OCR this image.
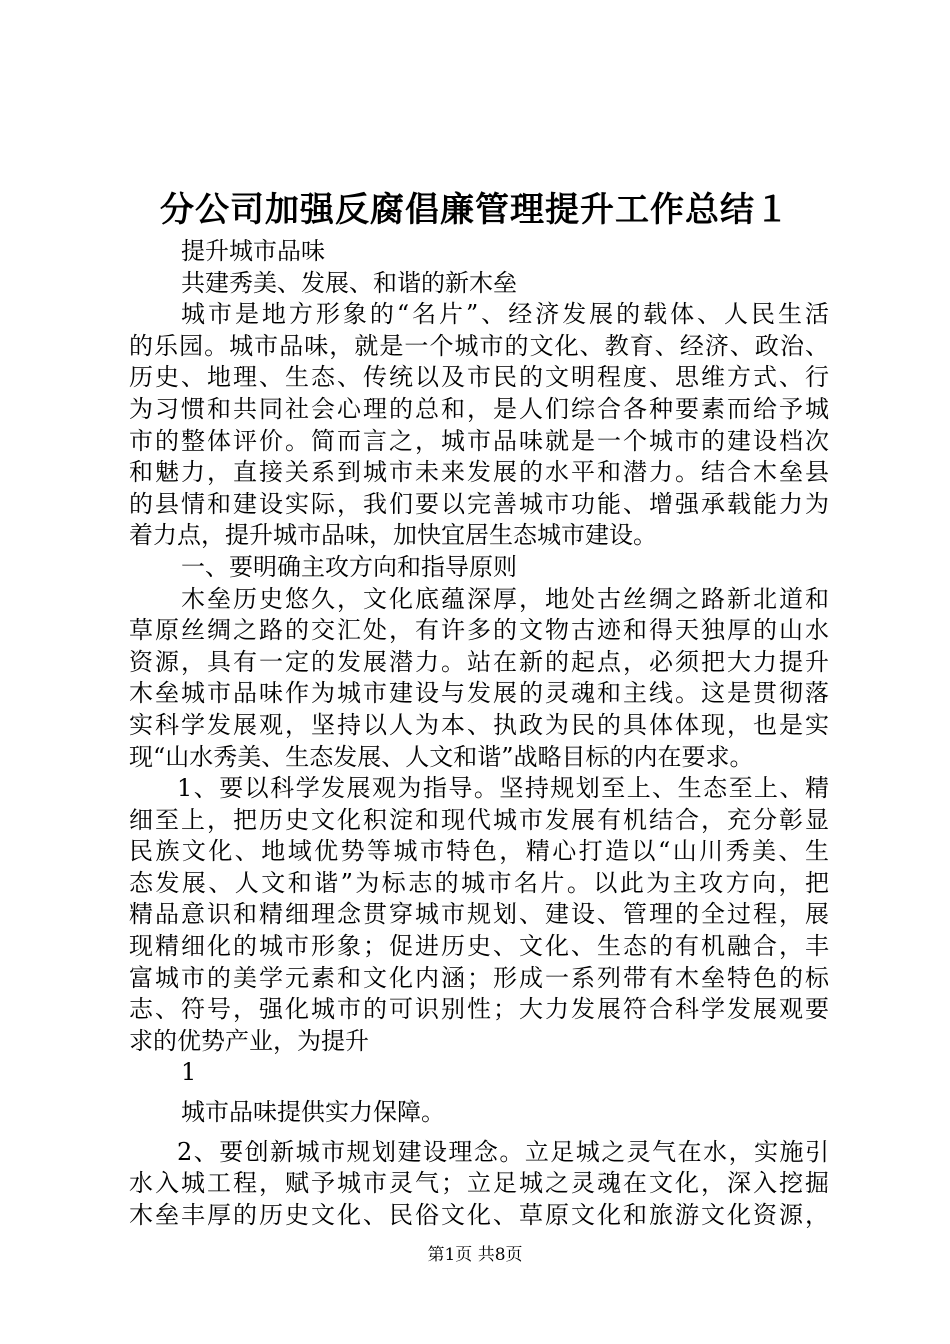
分公司加强反腐倡廉管理提升工作总结１
提升城市品味
共建秀美、发展、和谐的新木垒
城市是地方形象的“名片”、经济发展的载体、人民生活
的乐园。城市品味，就是一个城市的文化、教育、经济、政治、
历史、地理、生态、传统以及市民的文明程度、思维方式、行
为习惯和共同社会心理的总和，是人们综合各种要素而给予城
市的整体评价。简而言之，城市品味就是一个城市的建设档次
和魅力，直接关系到城市未来发展的水平和潜力。结合木垒县
的县情和建设实际，我们要以完善城市功能、增强承载能力为
着力点，提升城市品味，加快宜居生态城市建设。
一、要明确主攻方向和指导原则
木垒历史悠久，文化底蕴深厚，地处古丝绸之路新北道和
草原丝绸之路的交汇处，有许多的文物古迹和得天独厚的山水
资源，具有一定的发展潜力。站在新的起点，必须把大力提升
木垒城市品味作为城市建设与发展的灵魂和主线。这是贯彻落
实科学发展观，坚持以人为本、执政为民的具体体现，也是实
现“山水秀美、生态发展、人文和谐”战略目标的内在要求。
1、要以科学发展观为指导。坚持规划至上、生态至上、精
细至上，把历史文化积淀和现代城市发展有机结合，充分彰显
民族文化、地域优势等城市特色，精心打造以“山川秀美、生
态发展、人文和谐”为标志的城市名片。以此为主攻方向，把
精品意识和精细理念贯穿城市规划、建设、管理的全过程，展
现精细化的城市形象；促进历史、文化、生态的有机融合，丰
富城市的美学元素和文化内涵；形成一系列带有木垒特色的标
志、符号，强化城市的可识别性；大力发展符合科学发展观要
求的优势产业，为提升
1
城市品味提供实力保障。
2、要创新城市规划建设理念。立足城之灵气在水，实施引
水入城工程，赋予城市灵气；立足城之灵魂在文化，深入挖掘
木垒丰厚的历史文化、民俗文化、草原文化和旅游文化资源，
第1页 共8页
